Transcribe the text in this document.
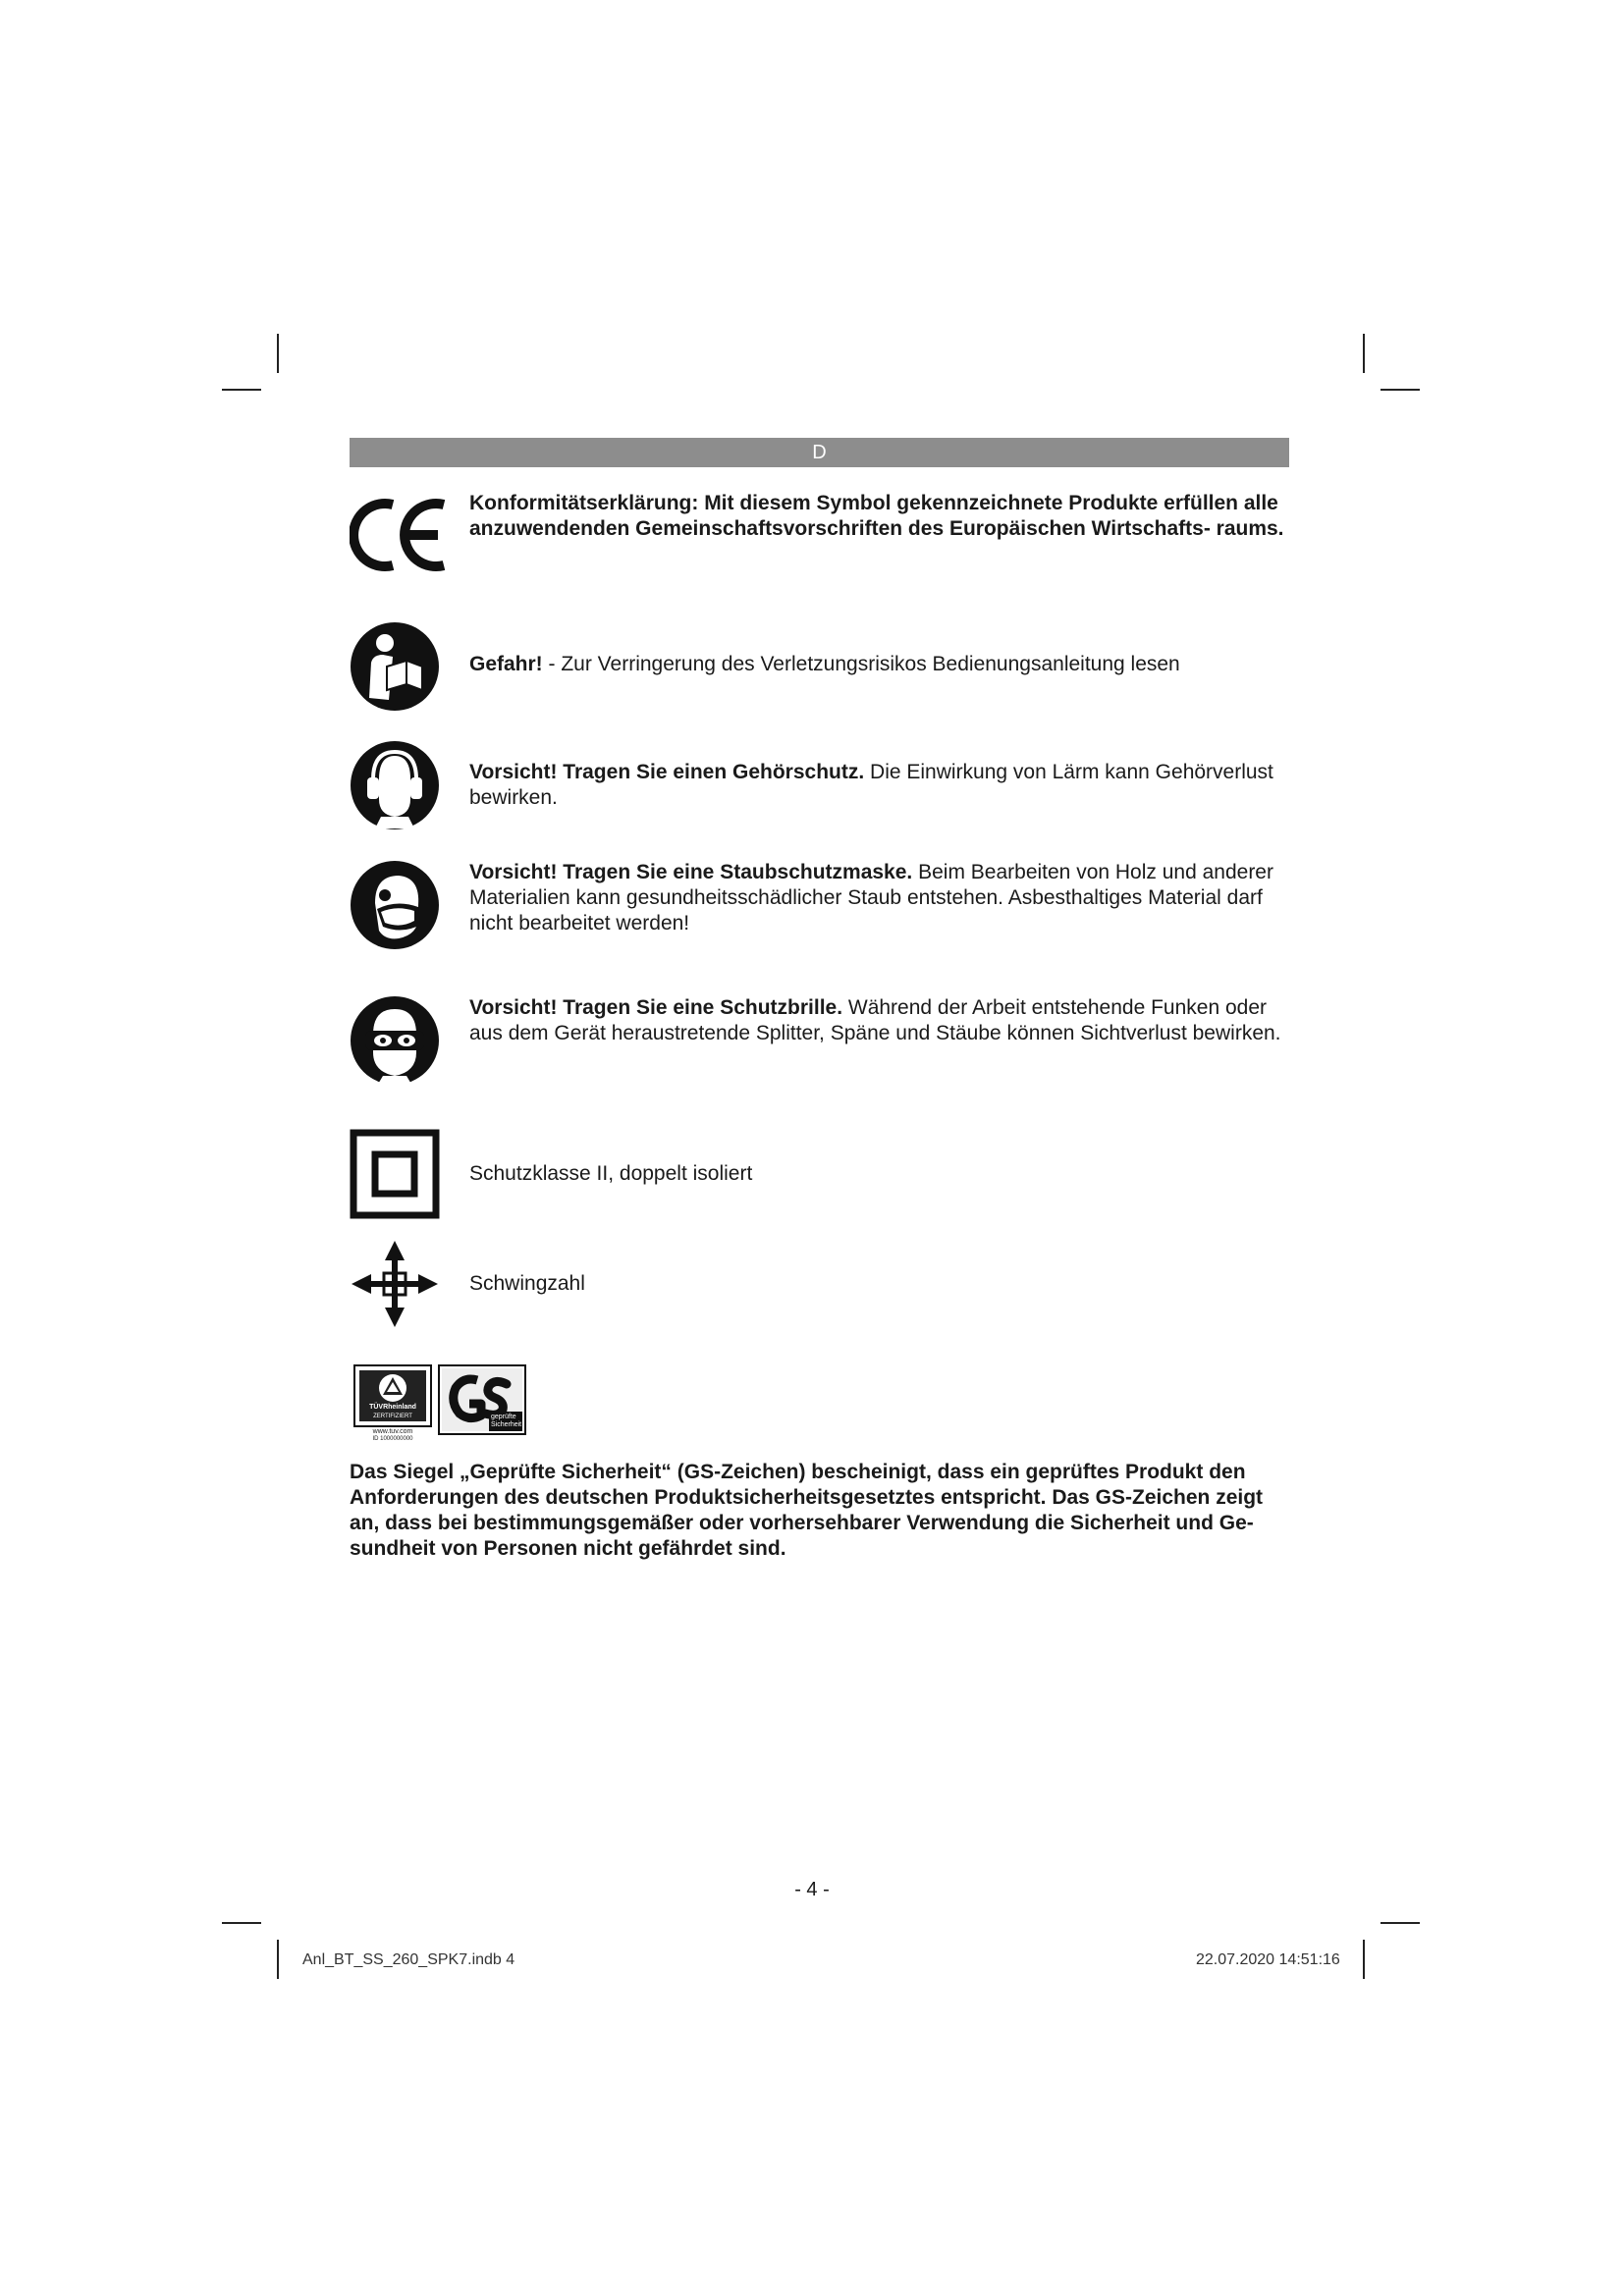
D
Konformitätserklärung: Mit diesem Symbol gekennzeichnete Produkte erfüllen alle anzuwendenden Gemeinschaftsvorschriften des Europäischen Wirtschafts- raums.
Gefahr! - Zur Verringerung des Verletzungsrisikos Bedienungsanleitung lesen
Vorsicht! Tragen Sie einen Gehörschutz. Die Einwirkung von Lärm kann Gehörverlust bewirken.
Vorsicht! Tragen Sie eine Staubschutzmaske. Beim Bearbeiten von Holz und anderer Materialien kann gesundheitsschädlicher Staub entstehen. Asbesthaltiges Material darf nicht bearbeitet werden!
Vorsicht! Tragen Sie eine Schutzbrille. Während der Arbeit entstehende Funken oder aus dem Gerät heraustretende Splitter, Späne und Stäube können Sichtverlust bewirken.
Schutzklasse II, doppelt isoliert
Schwingzahl
TÜVRheinland
ZERTIFIZIERT
www.tuv.com
ID 1000000000
geprüfte
Sicherheit
Das Siegel „Geprüfte Sicherheit“ (GS-Zeichen) bescheinigt, dass ein geprüftes Produkt den Anforderungen des deutschen Produktsicherheitsgesetztes entspricht. Das GS-Zeichen zeigt an, dass bei bestimmungsgemäßer oder vorhersehbarer Verwendung die Sicherheit und Ge- sundheit von Personen nicht gefährdet sind.
- 4 -
Anl_BT_SS_260_SPK7.indb 4	22.07.2020 14:51:16
